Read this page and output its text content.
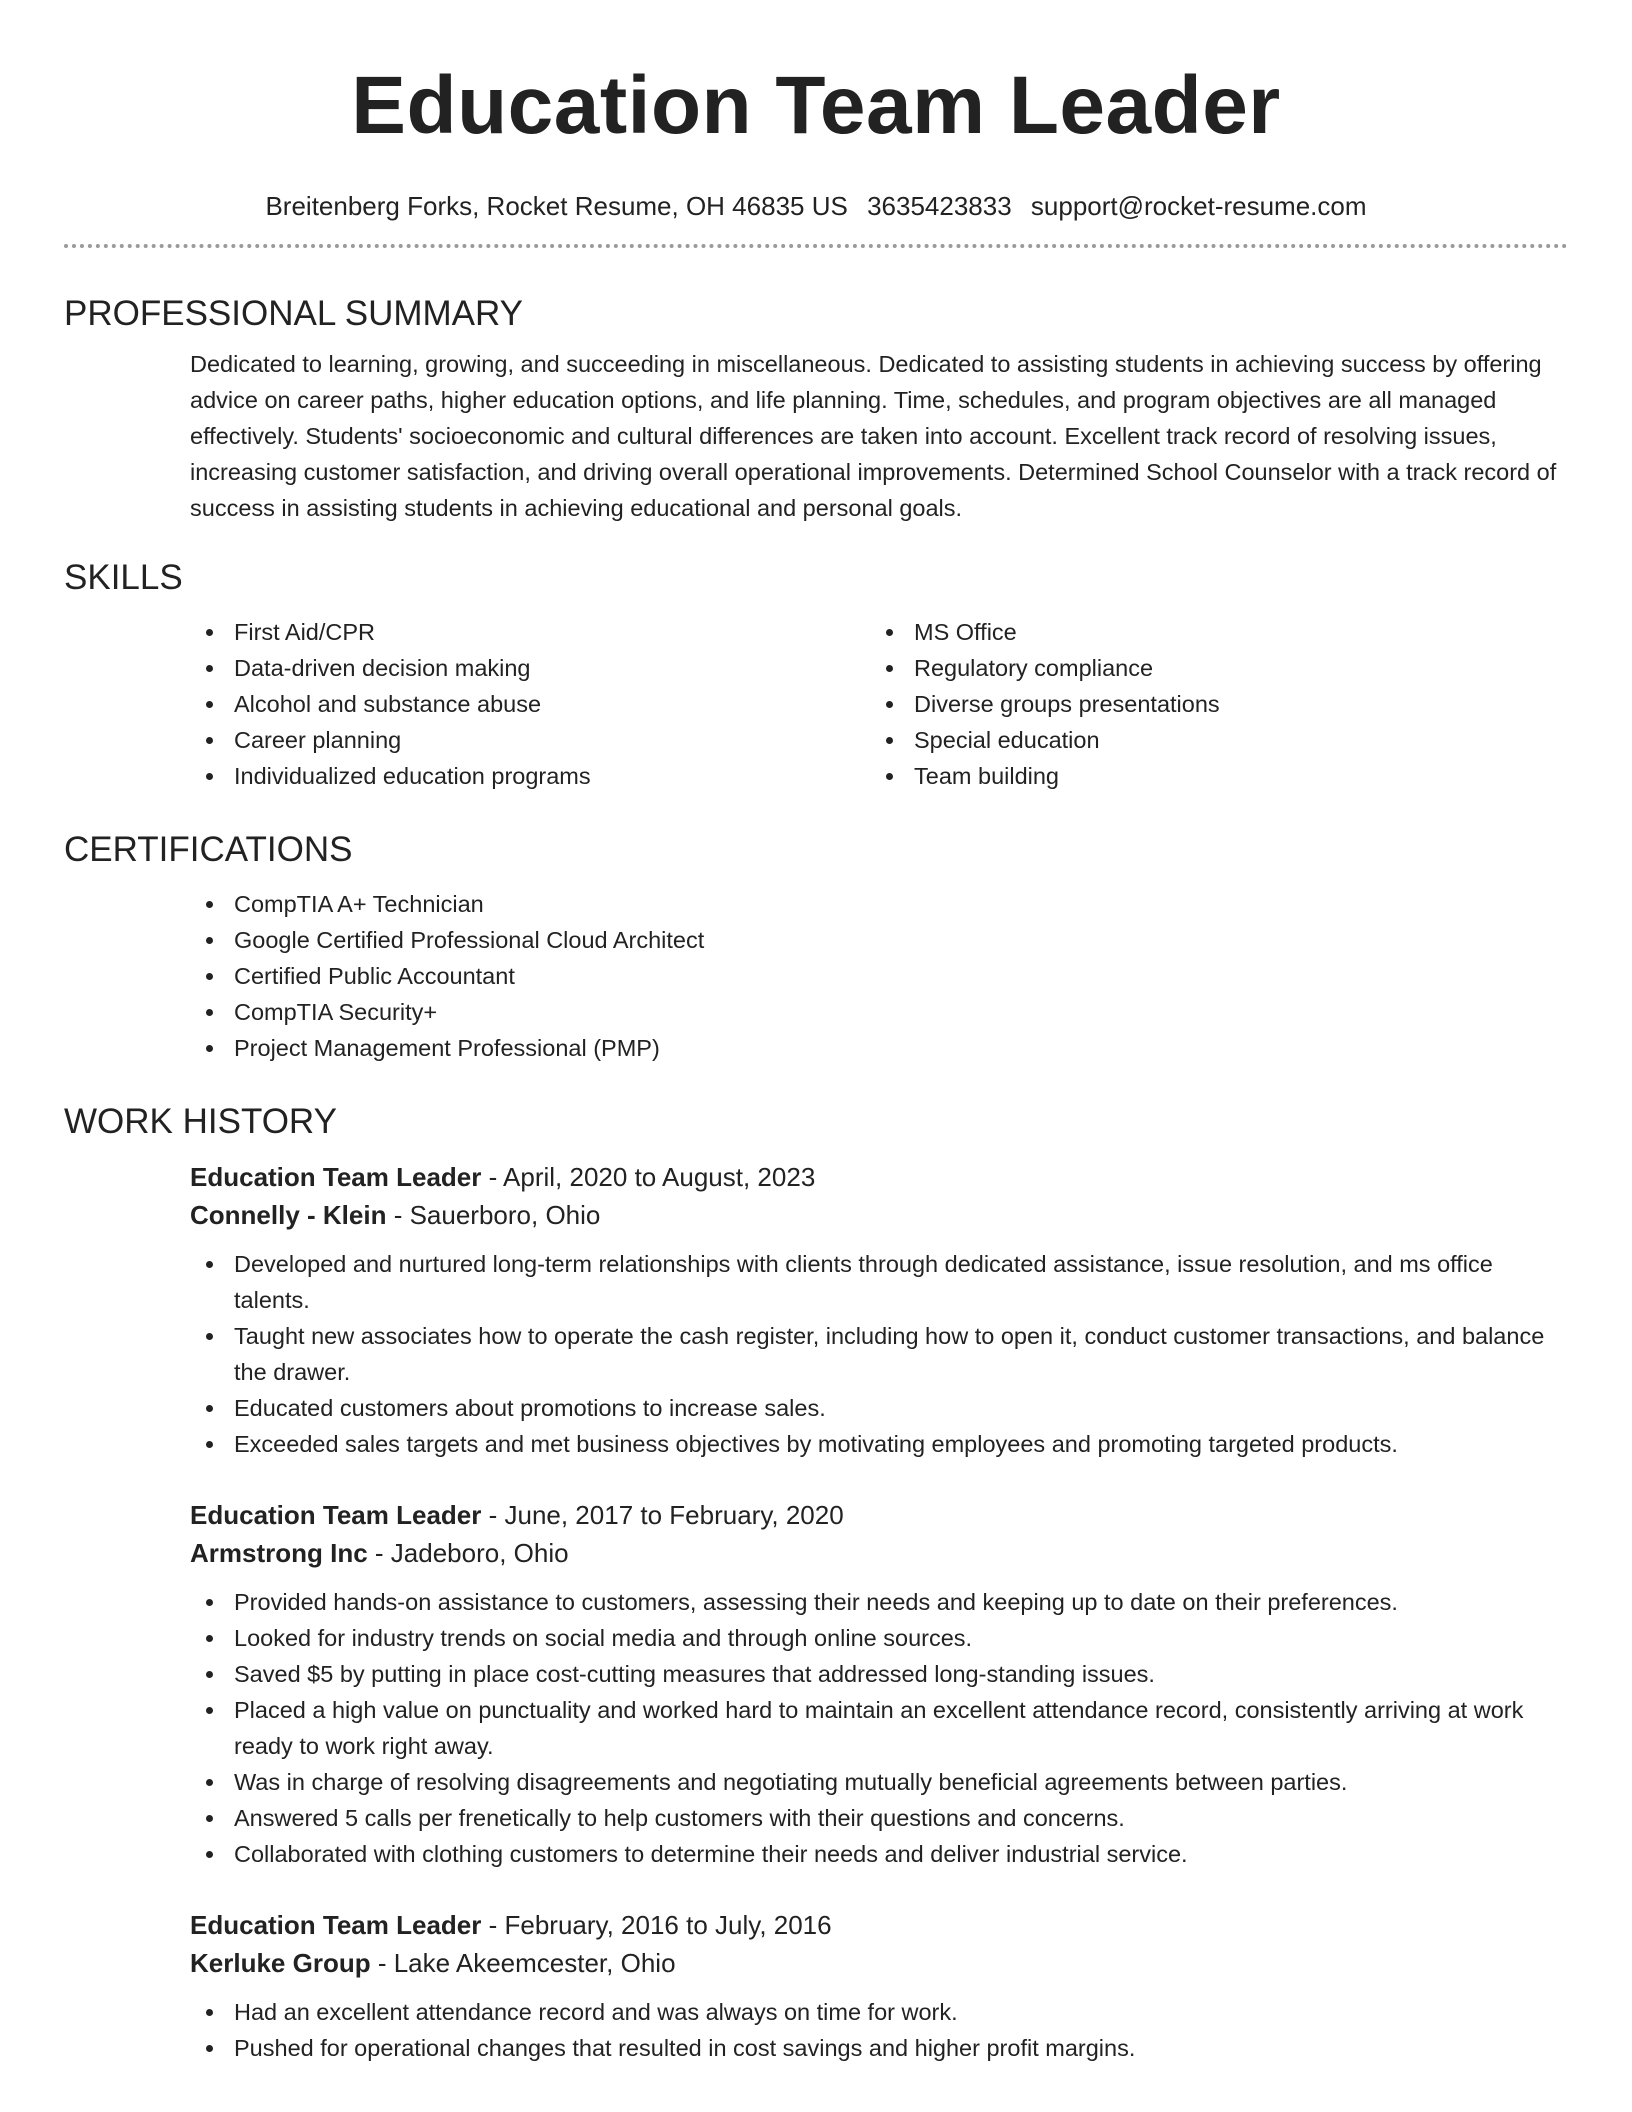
Education Team Leader
Breitenberg Forks, Rocket Resume, OH 46835 US 3635423833 support@rocket-resume.com
PROFESSIONAL SUMMARY
Dedicated to learning, growing, and succeeding in miscellaneous. Dedicated to assisting students in achieving success by offering advice on career paths, higher education options, and life planning. Time, schedules, and program objectives are all managed effectively. Students' socioeconomic and cultural differences are taken into account. Excellent track record of resolving issues, increasing customer satisfaction, and driving overall operational improvements. Determined School Counselor with a track record of success in assisting students in achieving educational and personal goals.
SKILLS
First Aid/CPR
Data-driven decision making
Alcohol and substance abuse
Career planning
Individualized education programs
MS Office
Regulatory compliance
Diverse groups presentations
Special education
Team building
CERTIFICATIONS
CompTIA A+ Technician
Google Certified Professional Cloud Architect
Certified Public Accountant
CompTIA Security+
Project Management Professional (PMP)
WORK HISTORY
Education Team Leader - April, 2020 to August, 2023
Connelly - Klein - Sauerboro, Ohio
Developed and nurtured long-term relationships with clients through dedicated assistance, issue resolution, and ms office talents.
Taught new associates how to operate the cash register, including how to open it, conduct customer transactions, and balance the drawer.
Educated customers about promotions to increase sales.
Exceeded sales targets and met business objectives by motivating employees and promoting targeted products.
Education Team Leader - June, 2017 to February, 2020
Armstrong Inc - Jadeboro, Ohio
Provided hands-on assistance to customers, assessing their needs and keeping up to date on their preferences.
Looked for industry trends on social media and through online sources.
Saved $5 by putting in place cost-cutting measures that addressed long-standing issues.
Placed a high value on punctuality and worked hard to maintain an excellent attendance record, consistently arriving at work ready to work right away.
Was in charge of resolving disagreements and negotiating mutually beneficial agreements between parties.
Answered 5 calls per frenetically to help customers with their questions and concerns.
Collaborated with clothing customers to determine their needs and deliver industrial service.
Education Team Leader - February, 2016 to July, 2016
Kerluke Group - Lake Akeemcester, Ohio
Had an excellent attendance record and was always on time for work.
Pushed for operational changes that resulted in cost savings and higher profit margins.
